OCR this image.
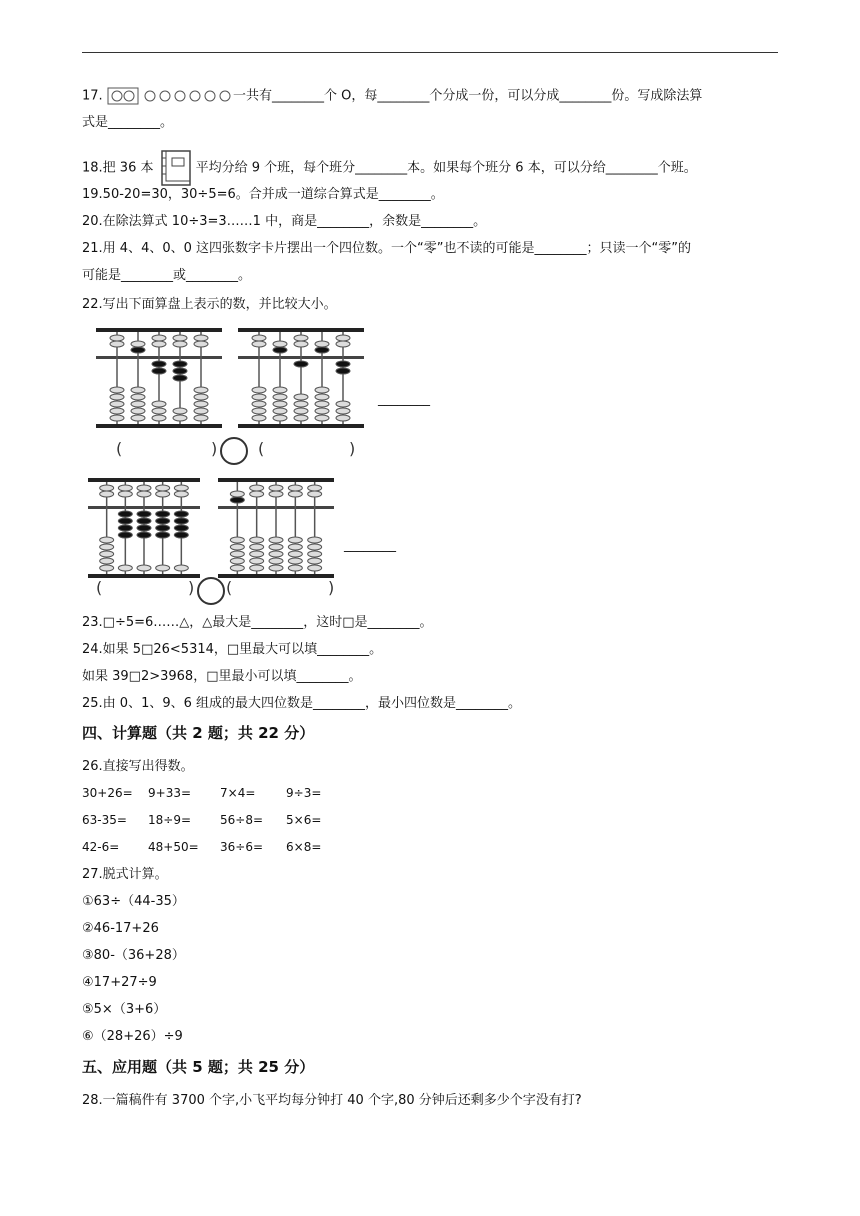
17.	一共有________个 O，每________个分成一份，可以分成________份。写成除法算
式是________。
18.把 36 本	平均分给 9 个班，每个班分________本。如果每个班分 6 本，可以分给________个班。
19.50-20=30，30÷5=6。合并成一道综合算式是________。
20.在除法算式 10÷3=3……1 中，商是________，余数是________。
21.用 4、4、0、0 这四张数字卡片摆出一个四位数。一个“零”也不读的可能是________；只读一个“零”的
可能是________或________。
22.写出下面算盘上表示的数，并比较大小。
(	)	(	)
________
(	) (	)
________
23.□÷5=6……△，△最大是________，这时□是________。
24.如果 5□26<5314，□里最大可以填________。
如果 39□2>3968，□里最小可以填________。
25.由 0、1、9、6 组成的最大四位数是________，最小四位数是________。
四、计算题（共 2 题；共 22 分）
26.直接写出得数。
30+26=	9+33=	7×4=	9÷3=
63-35=	18÷9=	56÷8=	5×6=
42-6=	48+50=	36÷6=	6×8=
27.脱式计算。
①63÷（44-35）
②46-17+26
③80-（36+28）
④17+27÷9
⑤5×（3+6）
⑥（28+26）÷9
五、应用题（共 5 题；共 25 分）
28.一篇稿件有 3700 个字,小飞平均每分钟打 40 个字,80 分钟后还剩多少个字没有打?
